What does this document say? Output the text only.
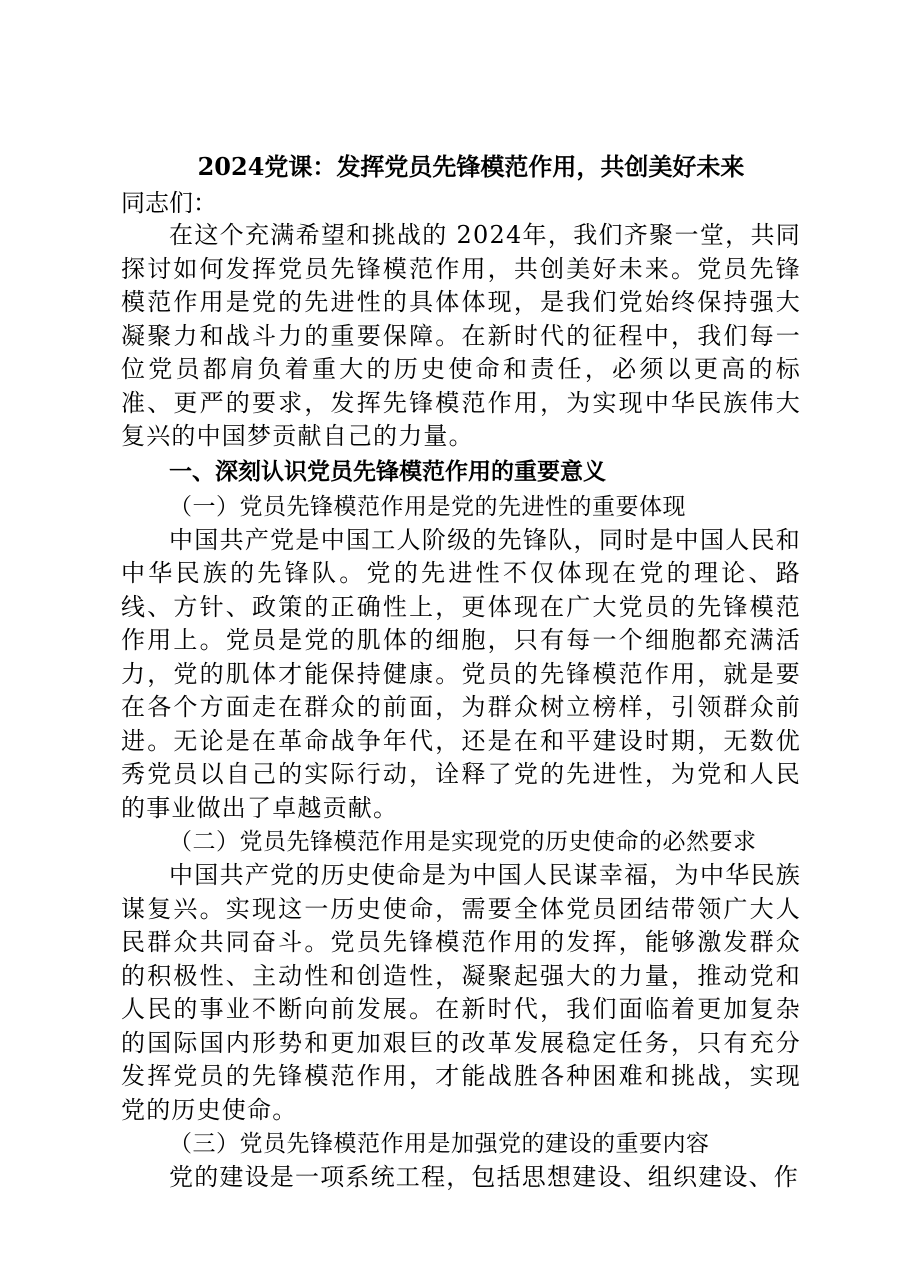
2024党课：发挥党员先锋模范作用，共创美好未来

同志们：

在这个充满希望和挑战的 2024年，我们齐聚一堂，共同探讨如何发挥党员先锋模范作用，共创美好未来。党员先锋模范作用是党的先进性的具体体现，是我们党始终保持强大凝聚力和战斗力的重要保障。在新时代的征程中，我们每一位党员都肩负着重大的历史使命和责任，必须以更高的标准、更严的要求，发挥先锋模范作用，为实现中华民族伟大复兴的中国梦贡献自己的力量。

一、深刻认识党员先锋模范作用的重要意义

（一）党员先锋模范作用是党的先进性的重要体现

中国共产党是中国工人阶级的先锋队，同时是中国人民和中华民族的先锋队。党的先进性不仅体现在党的理论、路线、方针、政策的正确性上，更体现在广大党员的先锋模范作用上。党员是党的肌体的细胞，只有每一个细胞都充满活力，党的肌体才能保持健康。党员的先锋模范作用，就是要在各个方面走在群众的前面，为群众树立榜样，引领群众前进。无论是在革命战争年代，还是在和平建设时期，无数优秀党员以自己的实际行动，诠释了党的先进性，为党和人民的事业做出了卓越贡献。

（二）党员先锋模范作用是实现党的历史使命的必然要求

中国共产党的历史使命是为中国人民谋幸福，为中华民族谋复兴。实现这一历史使命，需要全体党员团结带领广大人民群众共同奋斗。党员先锋模范作用的发挥，能够激发群众的积极性、主动性和创造性，凝聚起强大的力量，推动党和人民的事业不断向前发展。在新时代，我们面临着更加复杂的国际国内形势和更加艰巨的改革发展稳定任务，只有充分发挥党员的先锋模范作用，才能战胜各种困难和挑战，实现党的历史使命。

（三）党员先锋模范作用是加强党的建设的重要内容

党的建设是一项系统工程，包括思想建设、组织建设、作
